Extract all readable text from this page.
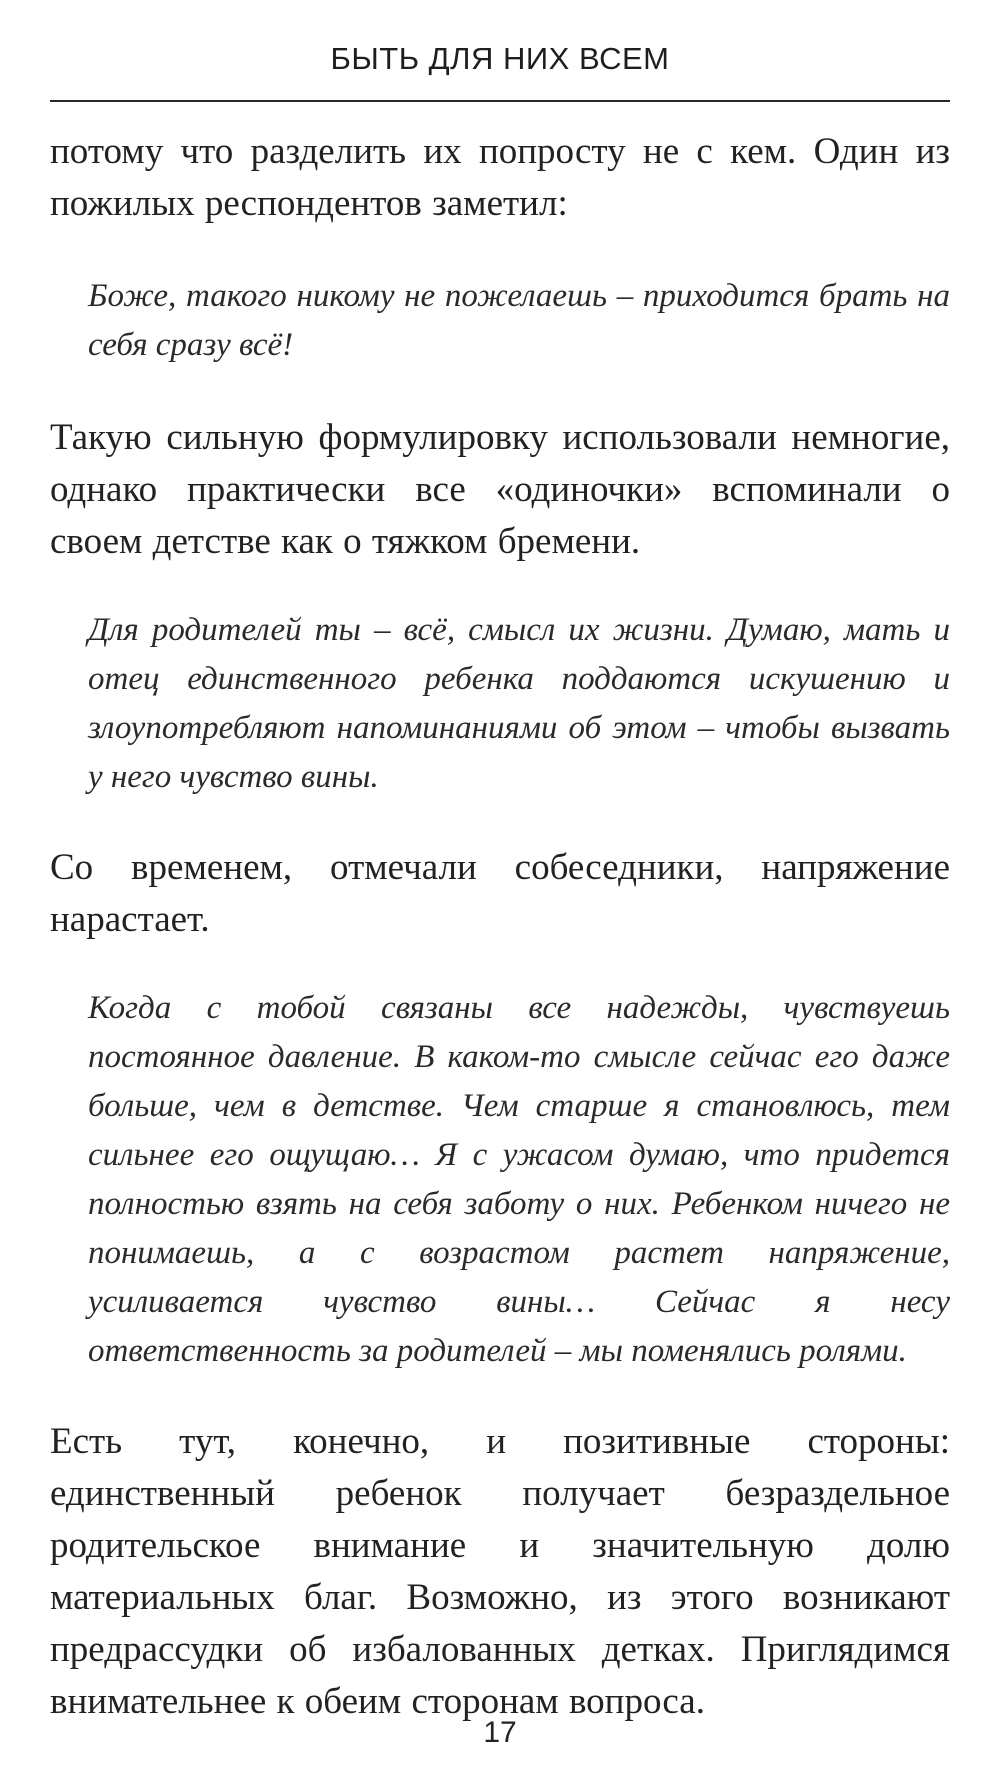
БЫТЬ ДЛЯ НИХ ВСЕМ

потому что разделить их попросту не с кем. Один из пожилых респондентов заметил:

Боже, такого никому не пожелаешь – приходится брать на себя сразу всё!

Такую сильную формулировку использовали немногие, однако практически все «одиночки» вспоминали о своем детстве как о тяжком бремени.

Для родителей ты – всё, смысл их жизни. Думаю, мать и отец единственного ребенка поддаются искушению и злоупотребляют напоминаниями об этом – чтобы вызвать у него чувство вины.

Со временем, отмечали собеседники, напряжение нарастает.

Когда с тобой связаны все надежды, чувствуешь постоянное давление. В каком-то смысле сейчас его даже больше, чем в детстве. Чем старше я становлюсь, тем сильнее его ощущаю… Я с ужасом думаю, что придется полностью взять на себя заботу о них. Ребенком ничего не понимаешь, а с возрастом растет напряжение, усиливается чувство вины… Сейчас я несу ответственность за родителей – мы поменялись ролями.

Есть тут, конечно, и позитивные стороны: единственный ребенок получает безраздельное родительское внимание и значительную долю материальных благ. Возможно, из этого возникают предрассудки об избалованных детках. Приглядимся внимательнее к обеим сторонам вопроса.

17
